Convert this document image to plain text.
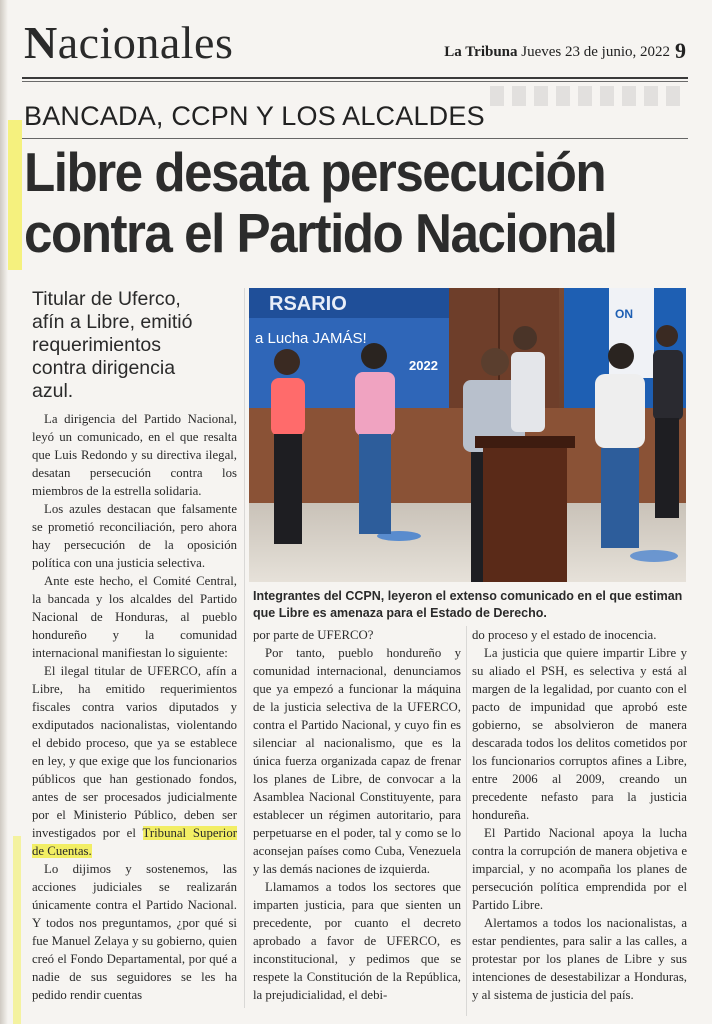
Nacionales	La Tribuna Jueves 23 de junio, 2022 9
BANCADA, CCPN Y LOS ALCALDES
Libre desata persecución
contra el Partido Nacional
Titular de Uferco,
afín a Libre, emitió
requerimientos
contra dirigencia
azul.
RSARIO
a Lucha JAMÁS!
2022
ON
Integrantes del CCPN, leyeron el extenso comunicado en el que estiman que Libre es amenaza para el Estado de Derecho.

La dirigencia del Partido Nacional, leyó un comunicado, en el que resalta que Luis Redondo y su directiva ilegal, desatan persecución contra los miembros de la estrella solidaria.

Los azules destacan que falsamente se prometió reconciliación, pero ahora hay persecución de la oposición política con una justicia selectiva.

Ante este hecho, el Comité Central, la bancada y los alcaldes del Partido Nacional de Honduras, al pueblo hondureño y la comunidad internacional manifiestan lo siguiente:

El ilegal titular de UFERCO, afín a Libre, ha emitido requerimientos fiscales contra varios diputados y exdiputados nacionalistas, violentando el debido proceso, que ya se establece en ley, y que exige que los funcionarios públicos que han gestionado fondos, antes de ser procesados judicialmente por el Ministerio Público, deben ser investigados por el Tribunal Superior de Cuentas.

Lo dijimos y sostenemos, las acciones judiciales se realizarán únicamente contra el Partido Nacional. Y todos nos preguntamos, ¿por qué si fue Manuel Zelaya y su gobierno, quien creó el Fondo Departamental, por qué a nadie de sus seguidores se les ha pedido rendir cuentas

por parte de UFERCO?

Por tanto, pueblo hondureño y comunidad internacional, denunciamos que ya empezó a funcionar la máquina de la justicia selectiva de la UFERCO, contra el Partido Nacional, y cuyo fin es silenciar al nacionalismo, que es la única fuerza organizada capaz de frenar los planes de Libre, de convocar a la Asamblea Nacional Constituyente, para establecer un régimen autoritario, para perpetuarse en el poder, tal y como se lo aconsejan países como Cuba, Venezuela y las demás naciones de izquierda.

Llamamos a todos los sectores que imparten justicia, para que sienten un precedente, por cuanto el decreto aprobado a favor de UFERCO, es inconstitucional, y pedimos que se respete la Constitución de la República, la prejudicialidad, el debi-

do proceso y el estado de inocencia.

La justicia que quiere impartir Libre y su aliado el PSH, es selectiva y está al margen de la legalidad, por cuanto con el pacto de impunidad que aprobó este gobierno, se absolvieron de manera descarada todos los delitos cometidos por los funcionarios corruptos afines a Libre, entre 2006 al 2009, creando un precedente nefasto para la justicia hondureña.

El Partido Nacional apoya la lucha contra la corrupción de manera objetiva e imparcial, y no acompaña los planes de persecución política emprendida por el Partido Libre.

Alertamos a todos los nacionalistas, a estar pendientes, para salir a las calles, a protestar por los planes de Libre y sus intenciones de desestabilizar a Honduras, y al sistema de justicia del país.
